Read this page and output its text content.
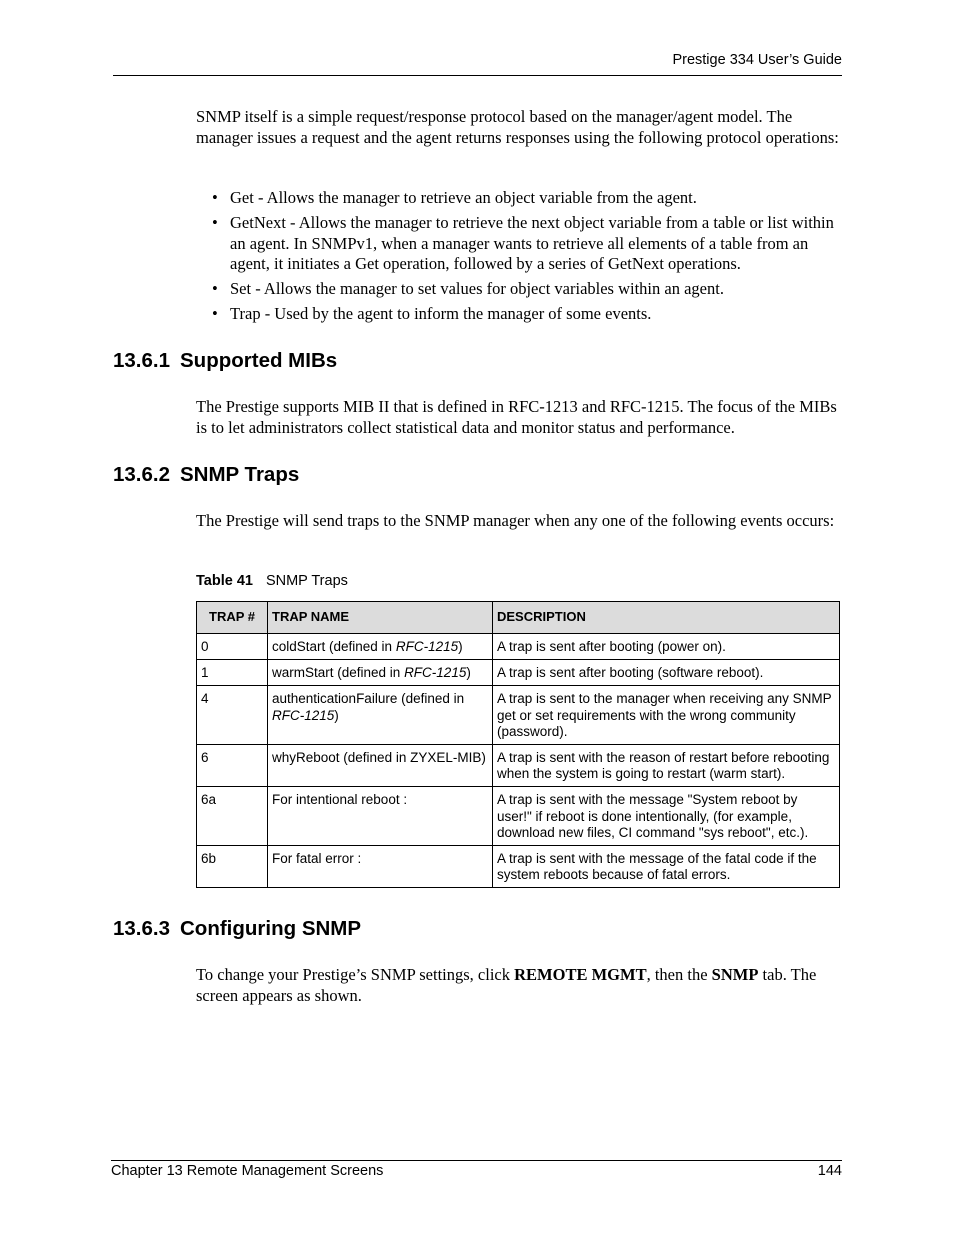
Prestige 334 User’s Guide
SNMP itself is a simple request/response protocol based on the manager/agent model. The manager issues a request and the agent returns responses using the following protocol operations:
• Get - Allows the manager to retrieve an object variable from the agent.
• GetNext - Allows the manager to retrieve the next object variable from a table or list within an agent. In SNMPv1, when a manager wants to retrieve all elements of a table from an agent, it initiates a Get operation, followed by a series of GetNext operations.
• Set - Allows the manager to set values for object variables within an agent.
• Trap - Used by the agent to inform the manager of some events.
13.6.1 Supported MIBs
The Prestige supports MIB II that is defined in RFC-1213 and RFC-1215. The focus of the MIBs is to let administrators collect statistical data and monitor status and performance.
13.6.2 SNMP Traps
The Prestige will send traps to the SNMP manager when any one of the following events occurs:
Table 41 SNMP Traps
TRAP #	TRAP NAME	DESCRIPTION
0	coldStart (defined in RFC-1215)	A trap is sent after booting (power on).
1	warmStart (defined in RFC-1215)	A trap is sent after booting (software reboot).
4	authenticationFailure (defined in RFC-1215)	A trap is sent to the manager when receiving any SNMP get or set requirements with the wrong community (password).
6	whyReboot (defined in ZYXEL-MIB)	A trap is sent with the reason of restart before rebooting when the system is going to restart (warm start).
6a	For intentional reboot :	A trap is sent with the message "System reboot by user!" if reboot is done intentionally, (for example, download new files, CI command "sys reboot", etc.).
6b	For fatal error :	A trap is sent with the message of the fatal code if the system reboots because of fatal errors.
13.6.3 Configuring SNMP
To change your Prestige’s SNMP settings, click REMOTE MGMT, then the SNMP tab. The screen appears as shown.
Chapter 13 Remote Management Screens	144
